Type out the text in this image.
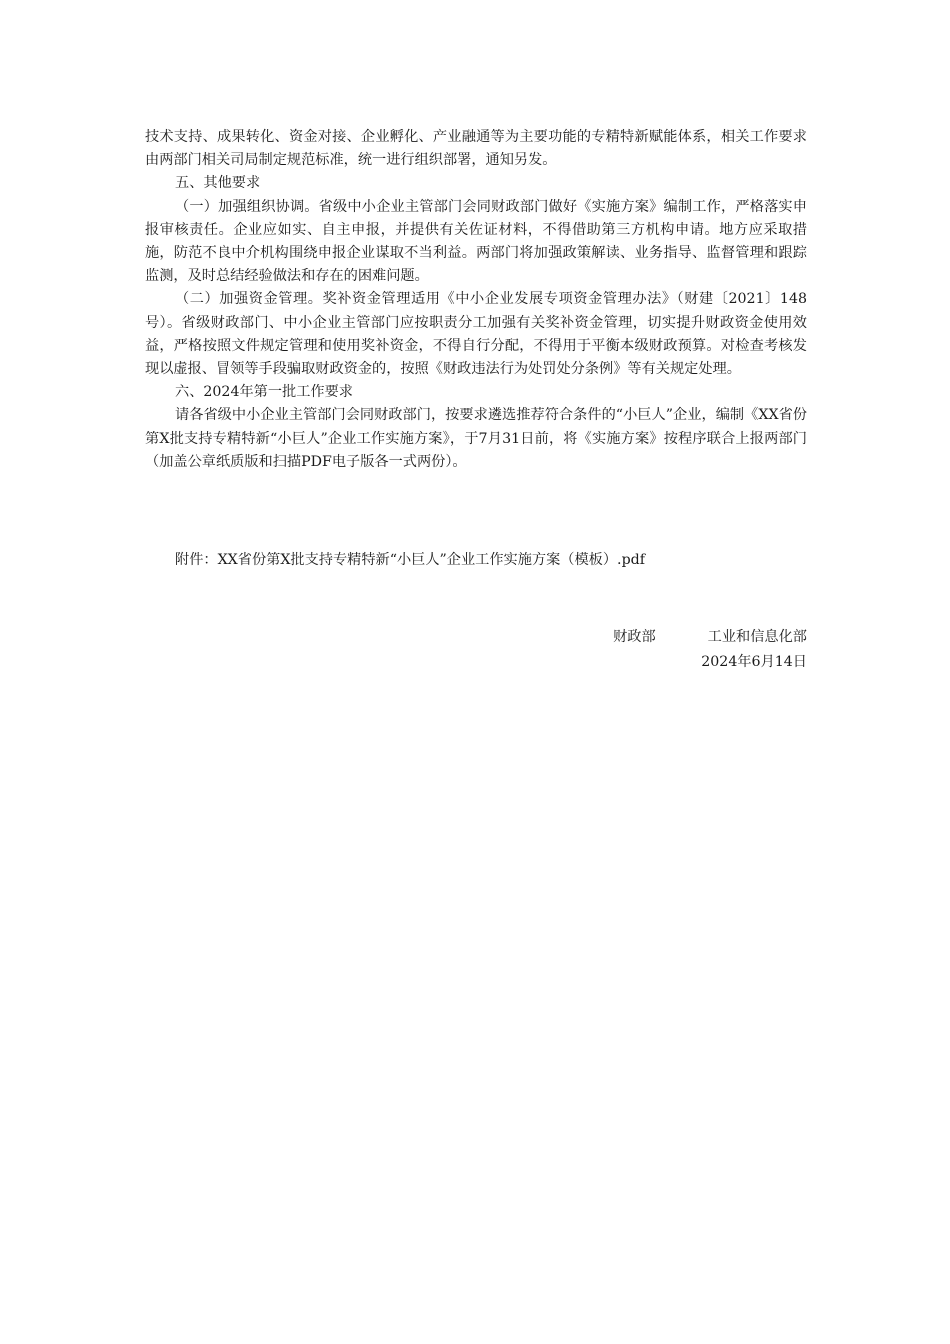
技术支持、成果转化、资金对接、企业孵化、产业融通等为主要功能的专精特新赋能体系，相关工作要求由两部门相关司局制定规范标准，统一进行组织部署，通知另发。

五、其他要求

（一）加强组织协调。省级中小企业主管部门会同财政部门做好《实施方案》编制工作，严格落实申报审核责任。企业应如实、自主申报，并提供有关佐证材料，不得借助第三方机构申请。地方应采取措施，防范不良中介机构围绕申报企业谋取不当利益。两部门将加强政策解读、业务指导、监督管理和跟踪监测，及时总结经验做法和存在的困难问题。

（二）加强资金管理。奖补资金管理适用《中小企业发展专项资金管理办法》（财建〔2021〕148号）。省级财政部门、中小企业主管部门应按职责分工加强有关奖补资金管理，切实提升财政资金使用效益，严格按照文件规定管理和使用奖补资金，不得自行分配，不得用于平衡本级财政预算。对检查考核发现以虚报、冒领等手段骗取财政资金的，按照《财政违法行为处罚处分条例》等有关规定处理。

六、2024年第一批工作要求

请各省级中小企业主管部门会同财政部门，按要求遴选推荐符合条件的“小巨人”企业，编制《XX省份第X批支持专精特新“小巨人”企业工作实施方案》，于7月31日前，将《实施方案》按程序联合上报两部门（加盖公章纸质版和扫描PDF电子版各一式两份）。

附件：XX省份第X批支持专精特新“小巨人”企业工作实施方案（模板）.pdf
财政部	工业和信息化部
2024年6月14日
